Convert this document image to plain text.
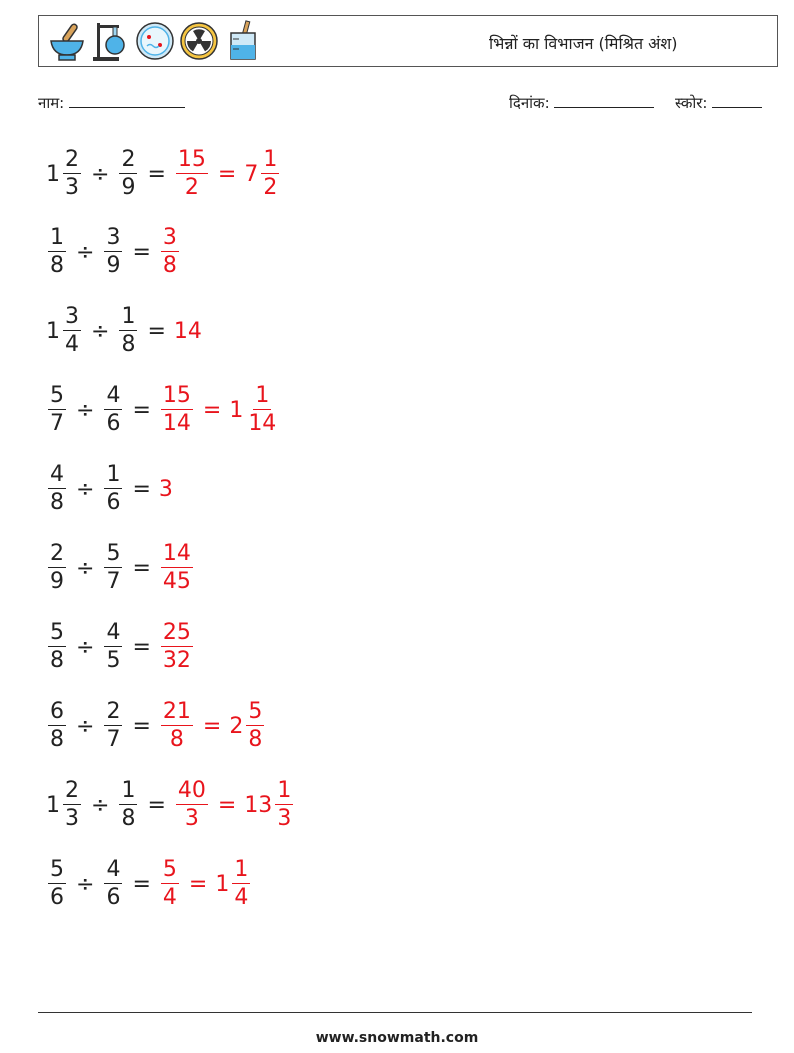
भिन्नों का विभाजन (मिश्रित अंश)
नाम:	दिनांक:	स्कोर:
$1 \frac{2}{3} \div \frac{2}{9} = \frac{15}{2} = 7 \frac{1}{2}$
$\frac{1}{8} \div \frac{3}{9} = \frac{3}{8}$
$1 \frac{3}{4} \div \frac{1}{8} = 14$
$\frac{5}{7} \div \frac{4}{6} = \frac{15}{14} = 1 \frac{1}{14}$
$\frac{4}{8} \div \frac{1}{6} = 3$
$\frac{2}{9} \div \frac{5}{7} = \frac{14}{45}$
$\frac{5}{8} \div \frac{4}{5} = \frac{25}{32}$
$\frac{6}{8} \div \frac{2}{7} = \frac{21}{8} = 2 \frac{5}{8}$
$1 \frac{2}{3} \div \frac{1}{8} = \frac{40}{3} = 13 \frac{1}{3}$
$\frac{5}{6} \div \frac{4}{6} = \frac{5}{4} = 1 \frac{1}{4}$
www.snowmath.com
